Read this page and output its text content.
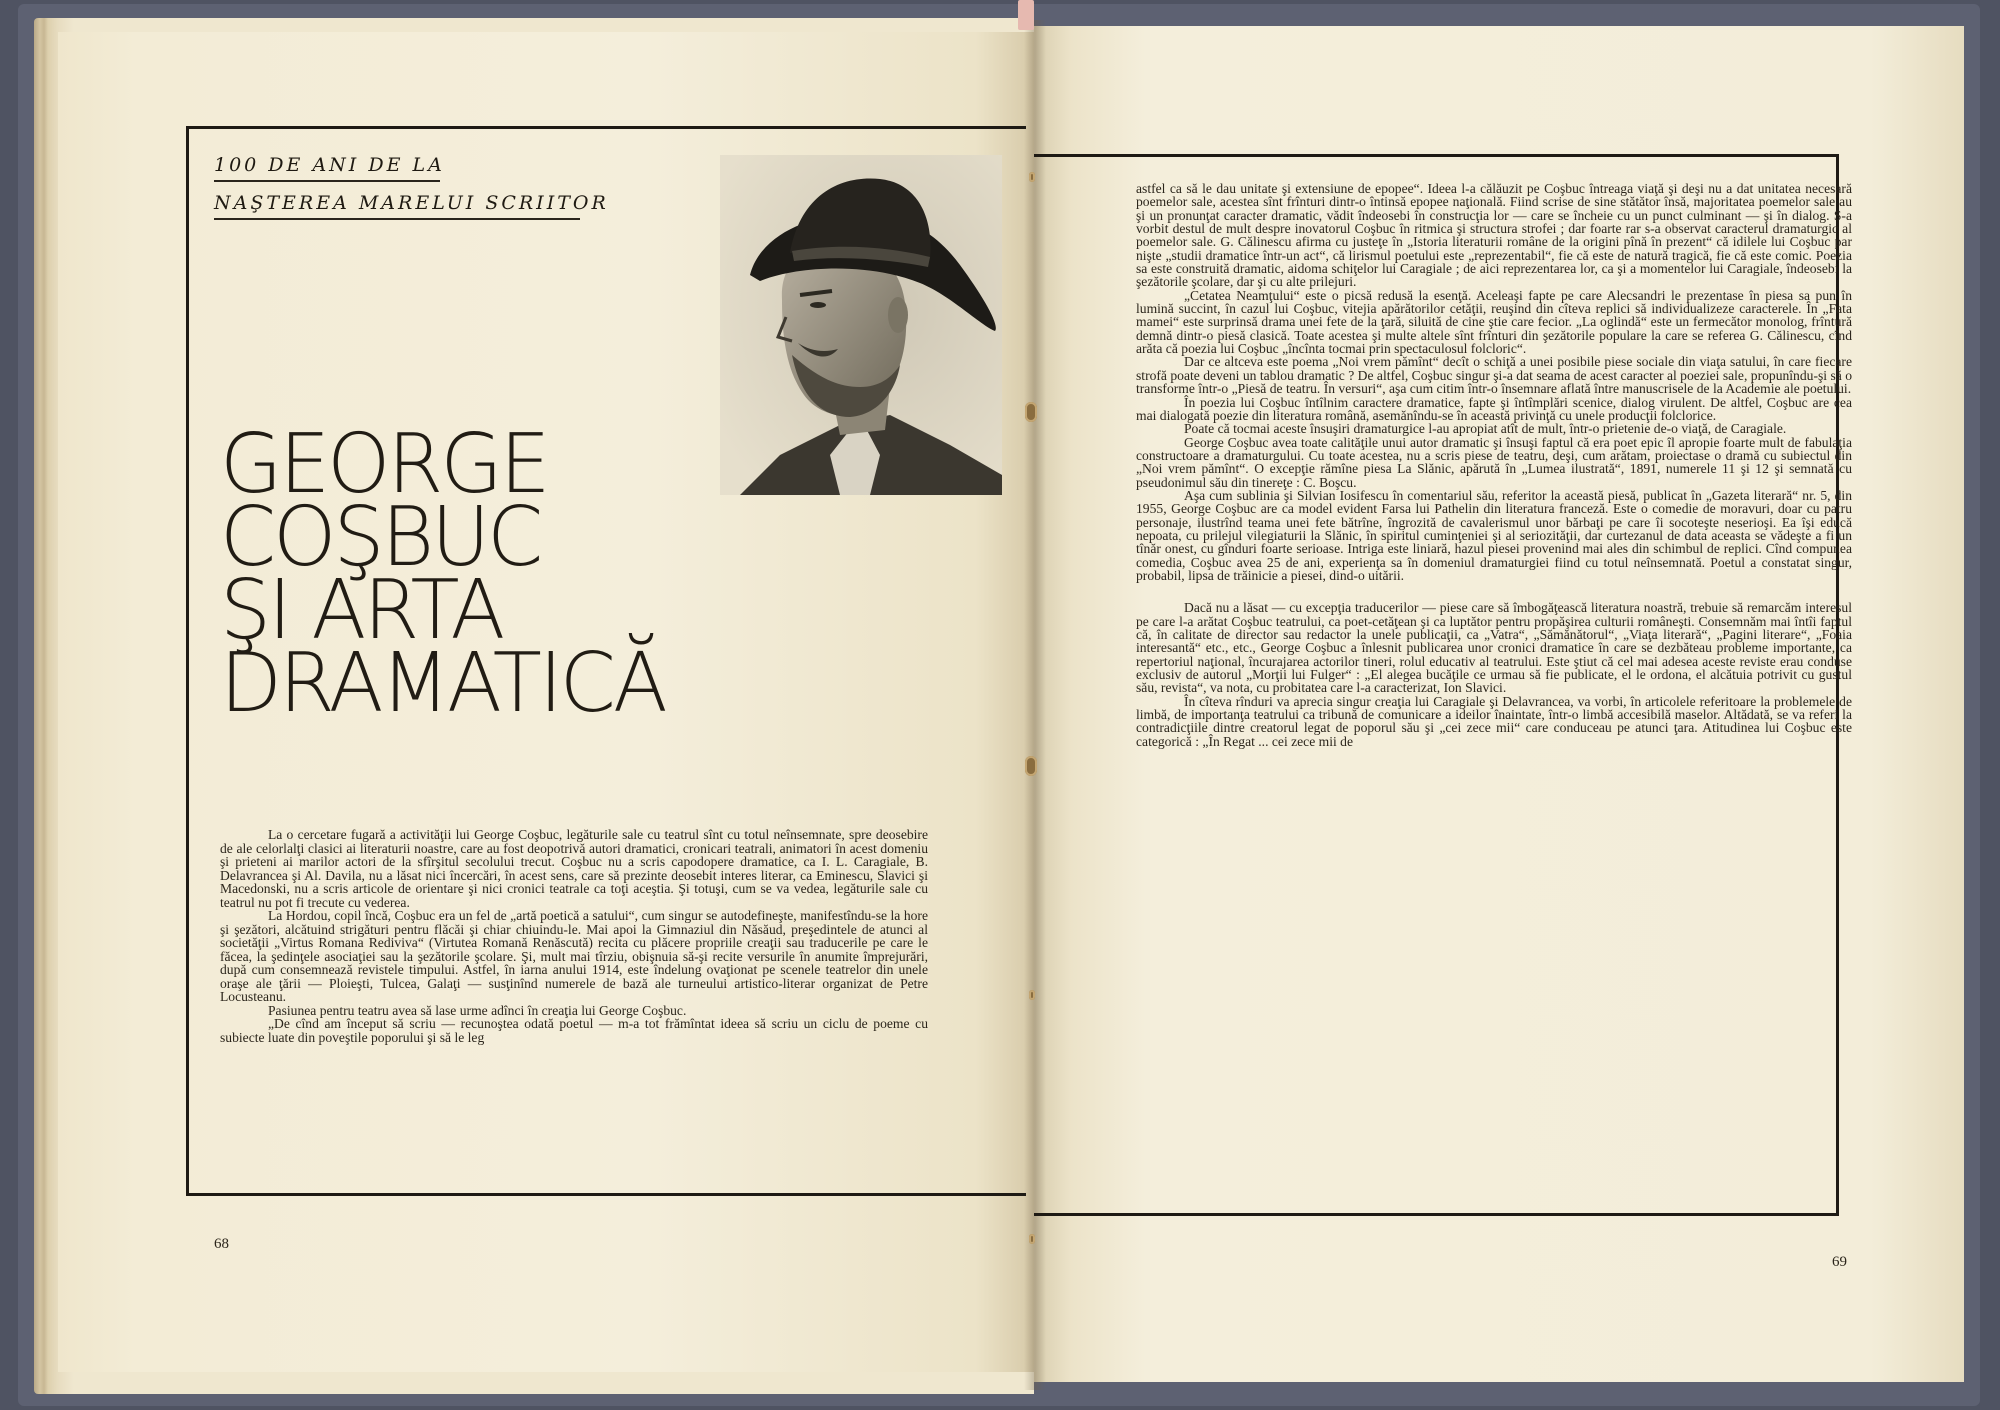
100 DE ANI DE LA
NAŞTEREA MARELUI SCRIITOR
GEORGE
COŞBUC
ŞI ARTA
DRAMATICĂ

La o cercetare fugară a activităţii lui George Coşbuc, legăturile sale cu teatrul sînt cu totul neînsemnate, spre deosebire de ale celorlalţi clasici ai literaturii noastre, care au fost deopotrivă autori dramatici, cronicari teatrali, animatori în acest domeniu şi prieteni ai marilor actori de la sfîrşitul secolului trecut. Coşbuc nu a scris capodopere dramatice, ca I. L. Caragiale, B. Delavrancea şi Al. Davila, nu a lăsat nici încercări, în acest sens, care să prezinte deosebit interes literar, ca Eminescu, Slavici şi Macedonski, nu a scris articole de orientare şi nici cronici teatrale ca toţi aceştia. Şi totuşi, cum se va vedea, legăturile sale cu teatrul nu pot fi trecute cu vederea.

La Hordou, copil încă, Coşbuc era un fel de „artă poetică a satului“, cum singur se autodefineşte, manifestîndu-se la hore şi şezători, alcătuind strigături pentru flăcăi şi chiar chiuindu-le. Mai apoi la Gimnaziul din Năsăud, preşedintele de atunci al societăţii „Virtus Romana Rediviva“ (Virtutea Romană Renăscută) recita cu plăcere propriile creaţii sau traducerile pe care le făcea, la şedinţele asociaţiei sau la şezătorile şcolare. Şi, mult mai tîrziu, obişnuia să-şi recite versurile în anumite împrejurări, după cum consemnează revistele timpului. Astfel, în iarna anului 1914, este îndelung ovaţionat pe scenele teatrelor din unele oraşe ale ţării — Ploieşti, Tulcea, Galaţi — susţinînd numerele de bază ale turneului artistico-literar organizat de Petre Locusteanu.

Pasiunea pentru teatru avea să lase urme adînci în creaţia lui George Coşbuc.

„De cînd am început să scriu — recunoştea odată poetul — m-a tot frămîntat ideea să scriu un ciclu de poeme cu subiecte luate din poveştile poporului şi să le leg

68

astfel ca să le dau unitate şi extensiune de epopee“. Ideea l-a călăuzit pe Coşbuc întreaga viaţă şi deşi nu a dat unitatea necesară poemelor sale, acestea sînt frînturi dintr-o întinsă epopee naţională. Fiind scrise de sine stătător însă, majoritatea poemelor sale au şi un pronunţat caracter dramatic, vădit îndeosebi în construcţia lor — care se încheie cu un punct culminant — şi în dialog. S-a vorbit destul de mult despre inovatorul Coşbuc în ritmica şi structura strofei ; dar foarte rar s-a observat caracterul dramaturgic al poemelor sale. G. Călinescu afirma cu justeţe în „Istoria literaturii române de la origini pînă în prezent“ că idilele lui Coşbuc par nişte „studii dramatice într-un act“, că lirismul poetului este „reprezentabil“, fie că este de natură tragică, fie că este comic. Poezia sa este construită dramatic, aidoma schiţelor lui Caragiale ; de aici reprezentarea lor, ca şi a momentelor lui Caragiale, îndeosebi la şezătorile şcolare, dar şi cu alte prilejuri.

„Cetatea Neamţului“ este o picsă redusă la esenţă. Aceleaşi fapte pe care Alecsandri le prezentase în piesa sa pun în lumină succint, în cazul lui Coşbuc, vitejia apărătorilor cetăţii, reuşind din cîteva replici să individualizeze caracterele. În „Fata mamei“ este surprinsă drama unei fete de la ţară, siluită de cine ştie care fecior. „La oglindă“ este un fermecător monolog, frîntură demnă dintr-o piesă clasică. Toate acestea şi multe altele sînt frînturi din şezătorile populare la care se referea G. Călinescu, cînd arăta că poezia lui Coşbuc „încînta tocmai prin spectaculosul folcloric“.

Dar ce altceva este poema „Noi vrem pămînt“ decît o schiţă a unei posibile piese sociale din viaţa satului, în care fiecare strofă poate deveni un tablou dramatic ? De altfel, Coşbuc singur şi-a dat seama de acest caracter al poeziei sale, propunîndu-şi să o transforme într-o „Piesă de teatru. În versuri“, aşa cum citim într-o însemnare aflată între manuscrisele de la Academie ale poetului.

În poezia lui Coşbuc întîlnim caractere dramatice, fapte şi întîmplări scenice, dialog virulent. De altfel, Coşbuc are cea mai dialogată poezie din literatura română, asemănîndu-se în această privinţă cu unele producţii folclorice.

Poate că tocmai aceste însuşiri dramaturgice l-au apropiat atît de mult, într-o prietenie de-o viaţă, de Caragiale.

George Coşbuc avea toate calităţile unui autor dramatic şi însuşi faptul că era poet epic îl apropie foarte mult de fabulaţia constructoare a dramaturgului. Cu toate acestea, nu a scris piese de teatru, deşi, cum arătam, proiectase o dramă cu subiectul din „Noi vrem pămînt“. O excepţie rămîne piesa La Slănic, apărută în „Lumea ilustrată“, 1891, numerele 11 şi 12 şi semnată cu pseudonimul său din tinereţe : C. Boşcu.

Aşa cum sublinia şi Silvian Iosifescu în comentariul său, referitor la această piesă, publicat în „Gazeta literară“ nr. 5, din 1955, George Coşbuc are ca model evident Farsa lui Pathelin din literatura franceză. Este o comedie de moravuri, doar cu patru personaje, ilustrînd teama unei fete bătrîne, îngrozită de cavalerismul unor bărbaţi pe care îi socoteşte neserioşi. Ea îşi educă nepoata, cu prilejul vilegiaturii la Slănic, în spiritul cuminţeniei şi al seriozităţii, dar curtezanul de data aceasta se vădeşte a fi un tînăr onest, cu gînduri foarte serioase. Intriga este liniară, hazul piesei provenind mai ales din schimbul de replici. Cînd compunea comedia, Coşbuc avea 25 de ani, experienţa sa în domeniul dramaturgiei fiind cu totul neînsemnată. Poetul a constatat singur, probabil, lipsa de trăinicie a piesei, dind-o uitării.

Dacă nu a lăsat — cu excepţia traducerilor — piese care să îmbogăţească literatura noastră, trebuie să remarcăm interesul pe care l-a arătat Coşbuc teatrului, ca poet-cetăţean şi ca luptător pentru propăşirea culturii româneşti. Consemnăm mai întîi faptul că, în calitate de director sau redactor la unele publicaţii, ca „Vatra“, „Sămănătorul“, „Viaţa literară“, „Pagini literare“, „Foaia interesantă“ etc., etc., George Coşbuc a înlesnit publicarea unor cronici dramatice în care se dezbăteau probleme importante, ca repertoriul naţional, încurajarea actorilor tineri, rolul educativ al teatrului. Este ştiut că cel mai adesea aceste reviste erau conduse exclusiv de autorul „Morţii lui Fulger“ : „El alegea bucăţile ce urmau să fie publicate, el le ordona, el alcătuia potrivit cu gustul său, revista“, va nota, cu probitatea care l-a caracterizat, Ion Slavici.

În cîteva rînduri va aprecia singur creaţia lui Caragiale şi Delavrancea, va vorbi, în articolele referitoare la problemele de limbă, de importanţa teatrului ca tribună de comunicare a ideilor înaintate, într-o limbă accesibilă maselor. Altădată, se va referi la contradicţiile dintre creatorul legat de poporul său şi „cei zece mii“ care conduceau pe atunci ţara. Atitudinea lui Coşbuc este categorică : „În Regat ... cei zece mii de

69
